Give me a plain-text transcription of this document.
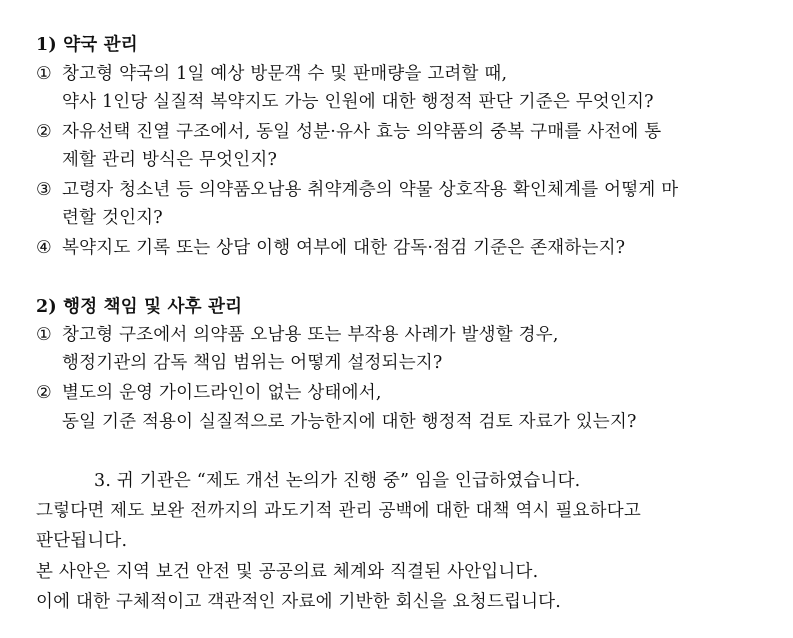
1) 약국 관리
① 창고형 약국의 1일 예상 방문객 수 및 판매량을 고려할 때,
약사 1인당 실질적 복약지도 가능 인원에 대한 행정적 판단 기준은 무엇인지?
② 자유선택 진열 구조에서, 동일 성분·유사 효능 의약품의 중복 구매를 사전에 통
제할 관리 방식은 무엇인지?
③ 고령자 청소년 등 의약품오남용 취약계층의 약물 상호작용 확인체계를 어떻게 마
련할 것인지?
④ 복약지도 기록 또는 상담 이행 여부에 대한 감독·점검 기준은 존재하는지?
2) 행정 책임 및 사후 관리
① 창고형 구조에서 의약품 오남용 또는 부작용 사례가 발생할 경우,
행정기관의 감독 책임 범위는 어떻게 설정되는지?
② 별도의 운영 가이드라인이 없는 상태에서,
동일 기준 적용이 실질적으로 가능한지에 대한 행정적 검토 자료가 있는지?
3. 귀 기관은 “제도 개선 논의가 진행 중” 임을 인급하였습니다.
그렇다면 제도 보완 전까지의 과도기적 관리 공백에 대한 대책 역시 필요하다고
판단됩니다.
본 사안은 지역 보건 안전 및 공공의료 체계와 직결된 사안입니다.
이에 대한 구체적이고 객관적인 자료에 기반한 회신을 요청드립니다.
